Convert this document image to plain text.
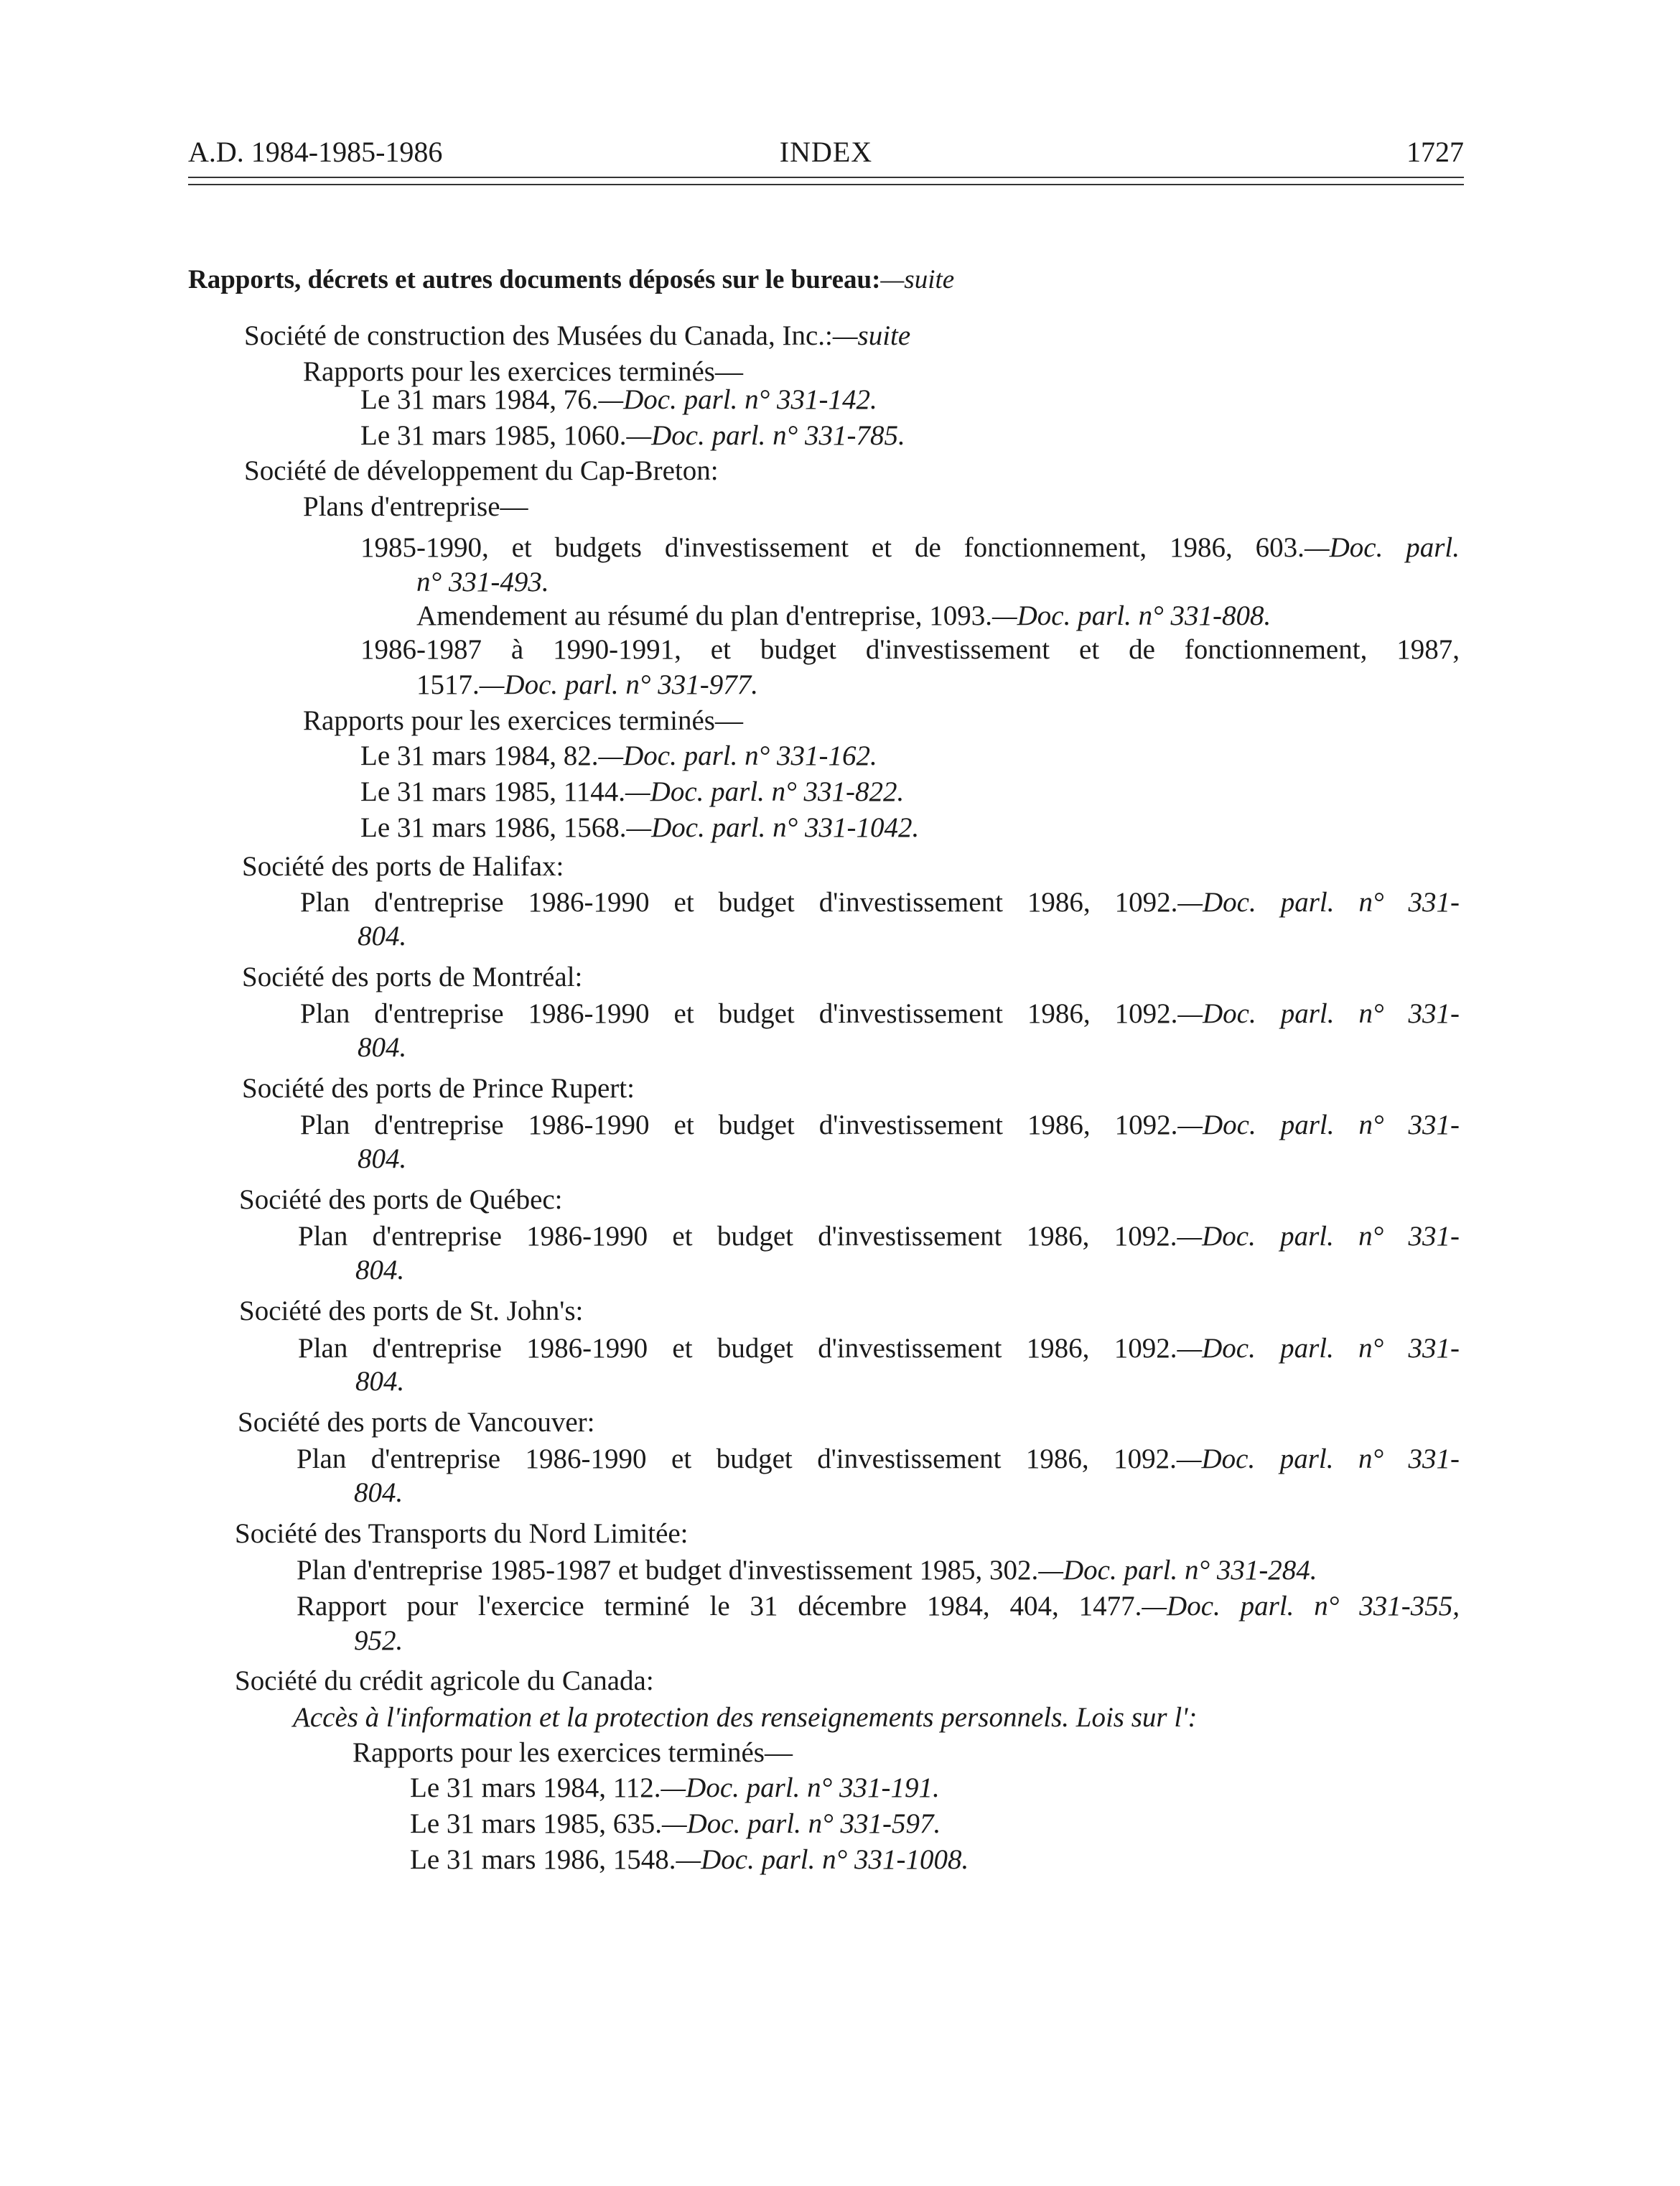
A.D. 1984-1985-1986	INDEX	1727
Rapports, décrets et autres documents déposés sur le bureau:—suite
Société de construction des Musées du Canada, Inc.:—suite
Rapports pour les exercices terminés—
Le 31 mars 1984, 76.—Doc. parl. n° 331-142.
Le 31 mars 1985, 1060.—Doc. parl. n° 331-785.
Société de développement du Cap-Breton:
Plans d'entreprise—
1985-1990, et budgets d'investissement et de fonctionnement, 1986, 603.—Doc. parl.
n° 331-493.
Amendement au résumé du plan d'entreprise, 1093.—Doc. parl. n° 331-808.
1986-1987 à 1990-1991, et budget d'investissement et de fonctionnement, 1987,
1517.—Doc. parl. n° 331-977.
Rapports pour les exercices terminés—
Le 31 mars 1984, 82.—Doc. parl. n° 331-162.
Le 31 mars 1985, 1144.—Doc. parl. n° 331-822.
Le 31 mars 1986, 1568.—Doc. parl. n° 331-1042.
Société des ports de Halifax:
Plan d'entreprise 1986-1990 et budget d'investissement 1986, 1092.—Doc. parl. n° 331-
804.
Société des ports de Montréal:
Plan d'entreprise 1986-1990 et budget d'investissement 1986, 1092.—Doc. parl. n° 331-
804.
Société des ports de Prince Rupert:
Plan d'entreprise 1986-1990 et budget d'investissement 1986, 1092.—Doc. parl. n° 331-
804.
Société des ports de Québec:
Plan d'entreprise 1986-1990 et budget d'investissement 1986, 1092.—Doc. parl. n° 331-
804.
Société des ports de St. John's:
Plan d'entreprise 1986-1990 et budget d'investissement 1986, 1092.—Doc. parl. n° 331-
804.
Société des ports de Vancouver:
Plan d'entreprise 1986-1990 et budget d'investissement 1986, 1092.—Doc. parl. n° 331-
804.
Société des Transports du Nord Limitée:
Plan d'entreprise 1985-1987 et budget d'investissement 1985, 302.—Doc. parl. n° 331-284.
Rapport pour l'exercice terminé le 31 décembre 1984, 404, 1477.—Doc. parl. n° 331-355,
952.
Société du crédit agricole du Canada:
Accès à l'information et la protection des renseignements personnels. Lois sur l':
Rapports pour les exercices terminés—
Le 31 mars 1984, 112.—Doc. parl. n° 331-191.
Le 31 mars 1985, 635.—Doc. parl. n° 331-597.
Le 31 mars 1986, 1548.—Doc. parl. n° 331-1008.
